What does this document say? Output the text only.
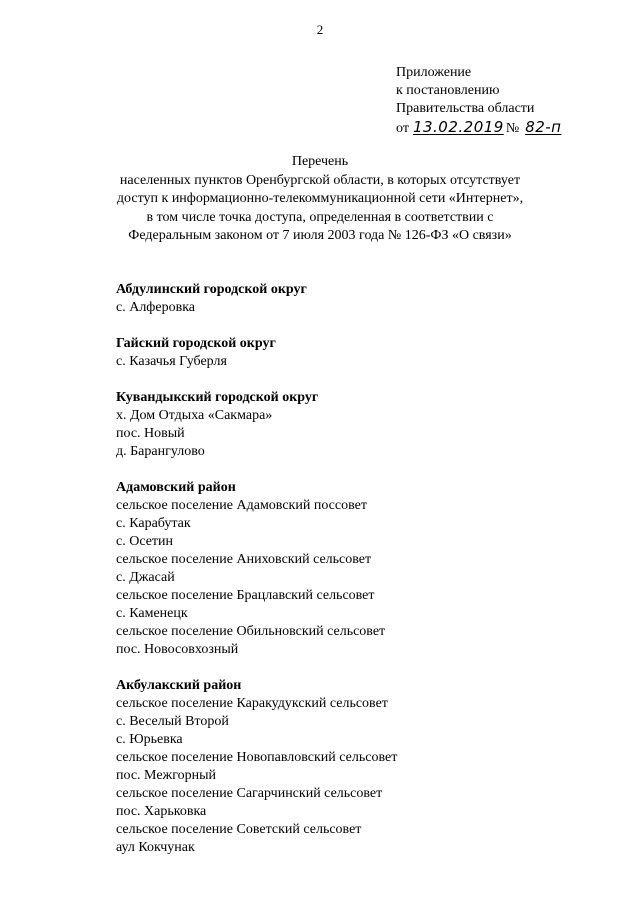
2
Приложение
к постановлению
Правительства области
от 13.02.2019 № 82-п
Перечень
населенных пунктов Оренбургской области, в которых отсутствует
доступ к информационно-телекоммуникационной сети «Интернет»,
в том числе точка доступа, определенная в соответствии с
Федеральным законом от 7 июля 2003 года № 126-ФЗ «О связи»
Абдулинский городской округ
с. Алферовка
Гайский городской округ
с. Казачья Губерля
Кувандыкский городской округ
х. Дом Отдыха «Сакмара»
пос. Новый
д. Барангулово
Адамовский район
сельское поселение Адамовский поссовет
с. Карабутак
с. Осетин
сельское поселение Аниховский сельсовет
с. Джасай
сельское поселение Брацлавский сельсовет
с. Каменецк
сельское поселение Обильновский сельсовет
пос. Новосовхозный
Акбулакский район
сельское поселение Каракудукский сельсовет
с. Веселый Второй
с. Юрьевка
сельское поселение Новопавловский сельсовет
пос. Межгорный
сельское поселение Сагарчинский сельсовет
пос. Харьковка
сельское поселение Советский сельсовет
аул Кокчунак
